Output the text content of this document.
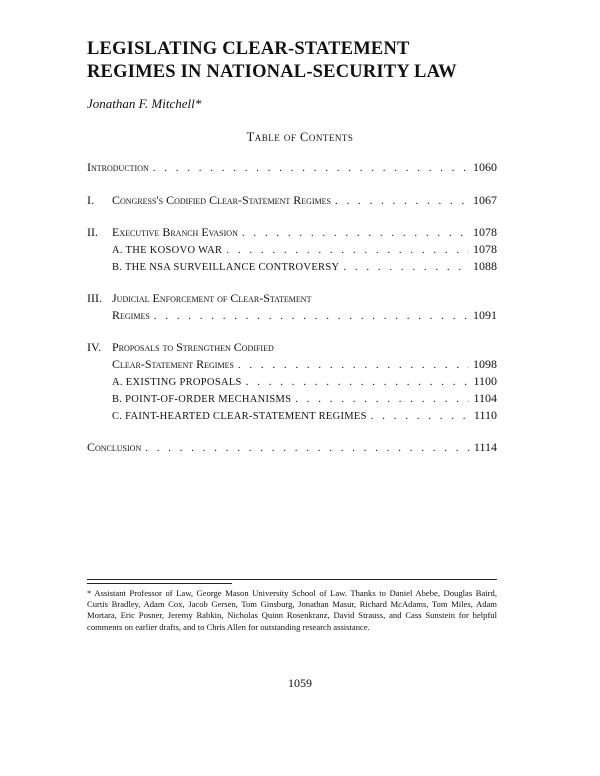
LEGISLATING CLEAR-STATEMENT
REGIMES IN NATIONAL-SECURITY LAW
Jonathan F. Mitchell*
Table of Contents
Introduction . . .	1060
I.	Congress's Codified Clear-Statement Regimes . . .	1067
II.	Executive Branch Evasion . . .	1078
A. THE KOSOVO WAR . . .	1078
B. THE NSA SURVEILLANCE CONTROVERSY . . .	1088
III. Judicial Enforcement of Clear-Statement
Regimes . . .	1091
IV. Proposals to Strengthen Codified
Clear-Statement Regimes . . .	1098
A. EXISTING PROPOSALS . . .	1100
B. POINT-OF-ORDER MECHANISMS . . .	1104
C. FAINT-HEARTED CLEAR-STATEMENT REGIMES . . .	1110
Conclusion . . .	1114
* Assistant Professor of Law, George Mason University School of Law. Thanks to Daniel Abebe, Douglas Baird, Curtis Bradley, Adam Cox, Jacob Gersen, Tom Ginsburg, Jonathan Masur, Richard McAdams, Tom Miles, Adam Mortara, Eric Posner, Jeremy Rabkin, Nicholas Quinn Rosenkranz, David Strauss, and Cass Sunstein for helpful comments on earlier drafts, and to Chris Allen for outstanding research assistance.
1059
